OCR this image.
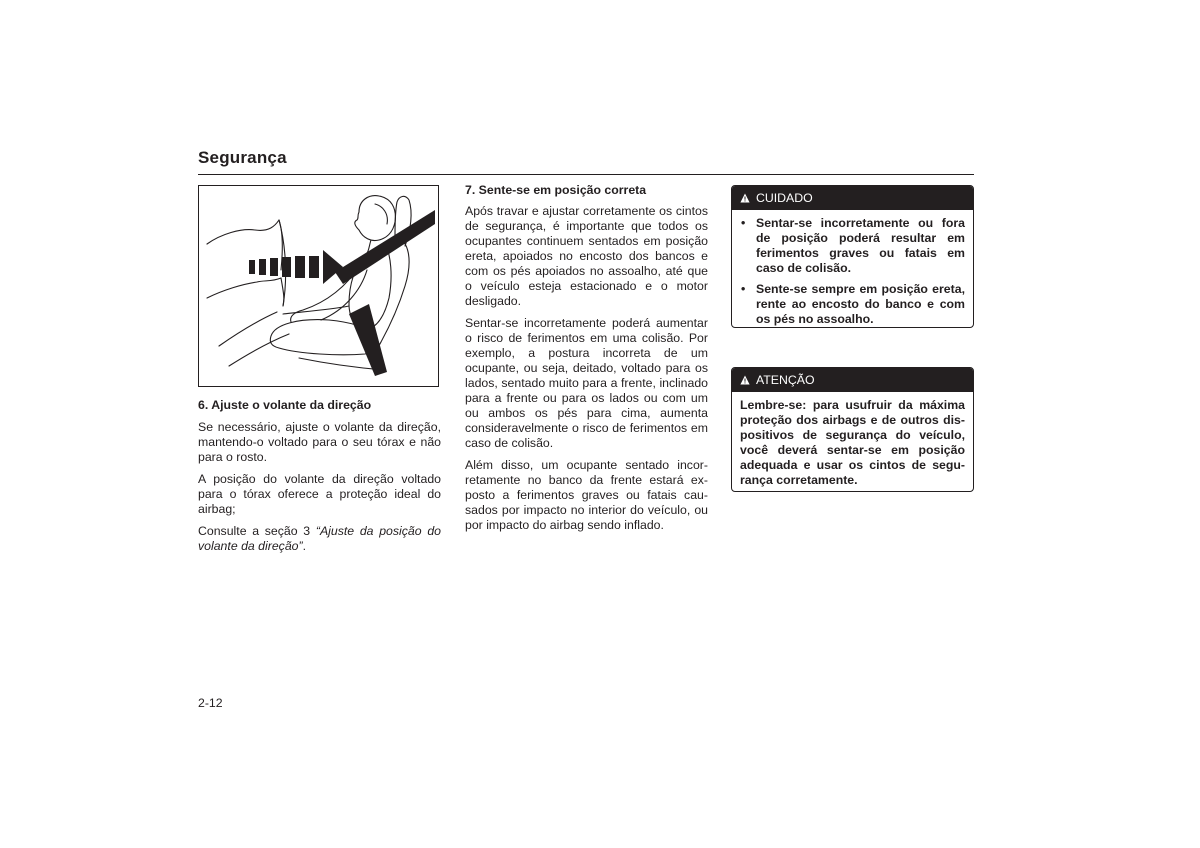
Segurança
6. Ajuste o volante da direção

Se necessário, ajuste o volante da direção, mantendo-o voltado para o seu tórax e não para o rosto.

A posição do volante da direção voltado para o tórax oferece a proteção ideal do airbag;

Consulte a seção 3 “Ajuste da posição do volante da direção”.

7. Sente-se em posição correta

Após travar e ajustar corretamente os cintos de segurança, é importante que todos os ocupantes continuem sentados em posição ereta, apoiados no encosto dos bancos e com os pés apoiados no assoalho, até que o veículo esteja estacionado e o motor desligado.

Sentar-se incorretamente poderá aumentar o risco de ferimentos em uma colisão. Por exemplo, a postura incorreta de um ocupante, ou seja, deitado, voltado para os lados, sentado muito para a frente, inclinado para a frente ou para os lados ou com um ou ambos os pés para cima, aumenta consideravelmente o risco de ferimentos em caso de colisão.

Além disso, um ocupante sentado incorretamente no banco da frente estará exposto a ferimentos graves ou fatais causados por impacto no interior do veículo, ou por impacto do airbag sendo inflado.

CUIDADO
• Sentar-se incorretamente ou fora de posição poderá resultar em ferimentos graves ou fatais em caso de colisão.
• Sente-se sempre em posição ereta, rente ao encosto do banco e com os pés no assoalho.
ATENÇÃO

Lembre-se: para usufruir da máxima proteção dos airbags e de outros dispositivos de segurança do veículo, você deverá sentar-se em posição adequada e usar os cintos de segurança corretamente.

2-12
